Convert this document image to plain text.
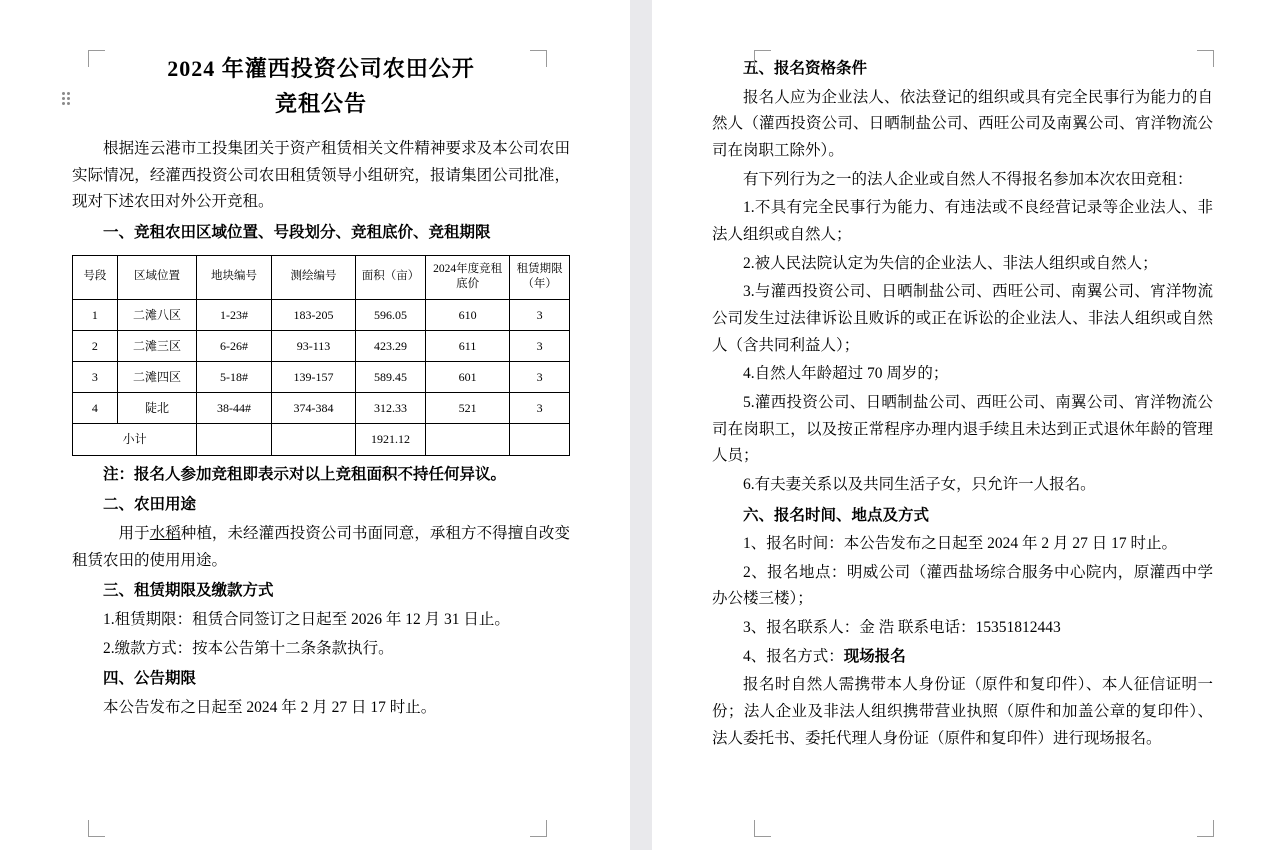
2024 年灌西投资公司农田公开
竞租公告

根据连云港市工投集团关于资产租赁相关文件精神要求及本公司农田实际情况，经灌西投资公司农田租赁领导小组研究，报请集团公司批准，现对下述农田对外公开竞租。

一、竞租农田区域位置、号段划分、竞租底价、竞租期限
号段	区域位置	地块编号	测绘编号	面积（亩）	2024年度竞租底价	租赁期限（年）
1	二滩八区	1-23#	183-205	596.05	610	3
2	二滩三区	6-26#	93-113	423.29	611	3
3	二滩四区	5-18#	139-157	589.45	601	3
4	陡北	38-44#	374-384	312.33	521	3
小计				1921.12		

注：报名人参加竞租即表示对以上竞租面积不持任何异议。

二、农田用途

用于水稻种植，未经灌西投资公司书面同意，承租方不得擅自改变租赁农田的使用用途。

三、租赁期限及缴款方式

1.租赁期限：租赁合同签订之日起至 2026 年 12 月 31 日止。

2.缴款方式：按本公告第十二条条款执行。

四、公告期限

本公告发布之日起至 2024 年 2 月 27 日 17 时止。

五、报名资格条件

报名人应为企业法人、依法登记的组织或具有完全民事行为能力的自然人（灌西投资公司、日晒制盐公司、西旺公司及南翼公司、宵洋物流公司在岗职工除外）。

有下列行为之一的法人企业或自然人不得报名参加本次农田竞租：

1.不具有完全民事行为能力、有违法或不良经营记录等企业法人、非法人组织或自然人；

2.被人民法院认定为失信的企业法人、非法人组织或自然人；

3.与灌西投资公司、日晒制盐公司、西旺公司、南翼公司、宵洋物流公司发生过法律诉讼且败诉的或正在诉讼的企业法人、非法人组织或自然人（含共同利益人）；

4.自然人年龄超过 70 周岁的；

5.灌西投资公司、日晒制盐公司、西旺公司、南翼公司、宵洋物流公司在岗职工，以及按正常程序办理内退手续且未达到正式退休年龄的管理人员；

6.有夫妻关系以及共同生活子女，只允许一人报名。

六、报名时间、地点及方式

1、报名时间：本公告发布之日起至 2024 年 2 月 27 日 17 时止。

2、报名地点：明威公司（灌西盐场综合服务中心院内，原灌西中学办公楼三楼）；

3、报名联系人：金 浩 联系电话：15351812443

4、报名方式：现场报名

报名时自然人需携带本人身份证（原件和复印件）、本人征信证明一份；法人企业及非法人组织携带营业执照（原件和加盖公章的复印件）、法人委托书、委托代理人身份证（原件和复印件）进行现场报名。
